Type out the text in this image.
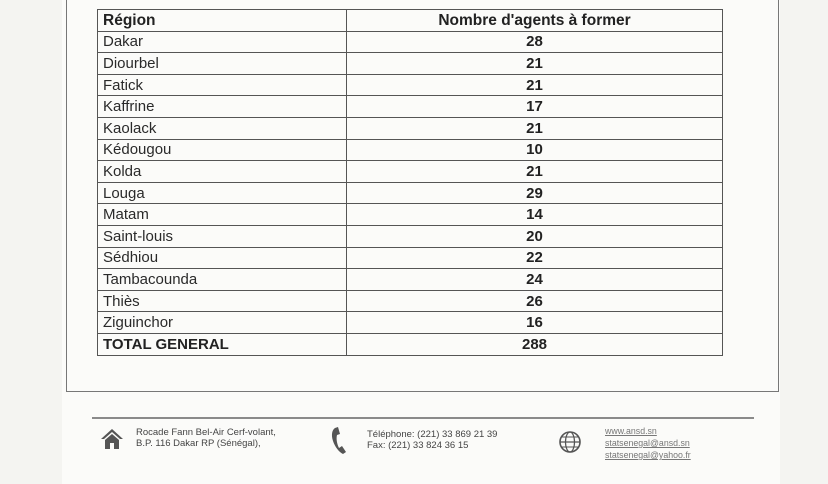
Région	Nombre d'agents à former
Dakar	28
Diourbel	21
Fatick	21
Kaffrine	17
Kaolack	21
Kédougou	10
Kolda	21
Louga	29
Matam	14
Saint-louis	20
Sédhiou	22
Tambacounda	24
Thiès	26
Ziguinchor	16
TOTAL GENERAL	288
Rocade Fann Bel-Air Cerf-volant,
B.P. 116 Dakar RP (Sénégal),
Téléphone: (221) 33 869 21 39
Fax: (221) 33 824 36 15
www.ansd.sn
statsenegal@ansd.sn
statsenegal@yahoo.fr
